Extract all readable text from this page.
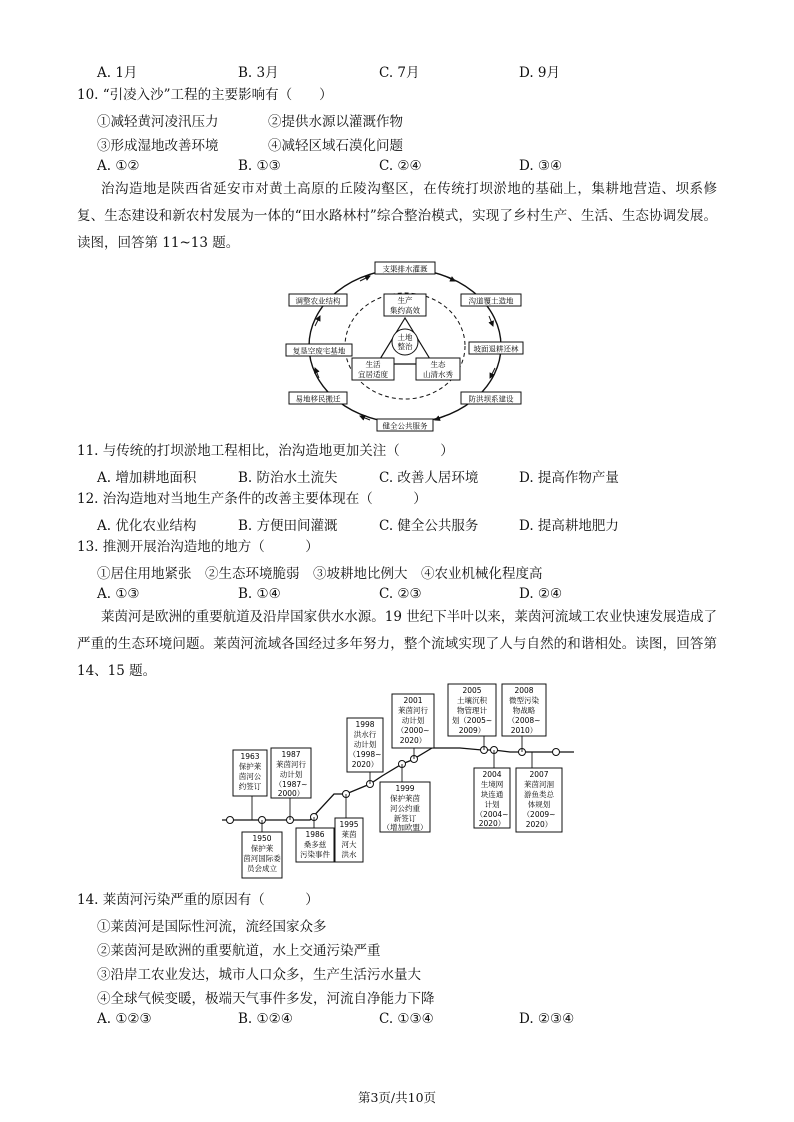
A. 1月	B. 3月	C. 7月	D. 9月
10. “引凌入沙”工程的主要影响有（　　）
①减轻黄河凌汛压力	②提供水源以灌溉作物
③形成湿地改善环境	④减轻区域石漠化问题
A. ①②	B. ①③	C. ②④	D. ③④
治沟造地是陕西省延安市对黄土高原的丘陵沟壑区，在传统打坝淤地的基础上，集耕地营造、坝系修复、生态建设和新农村发展为一体的“田水路林村”综合整治模式，实现了乡村生产、生活、生态协调发展。读图，回答第 11~13 题。
土地
整治
生产
集约高效
生活
宜居适度
生态
山清水秀
支渠排水灌溉
沟道覆土造地
坡面退耕还林
防洪坝系建设
健全公共服务
易地移民搬迁
复垦空废宅基地
调整农业结构
11. 与传统的打坝淤地工程相比，治沟造地更加关注（　　　）
A. 增加耕地面积	B. 防治水土流失	C. 改善人居环境	D. 提高作物产量
12. 治沟造地对当地生产条件的改善主要体现在（　　　）
A. 优化农业结构	B. 方便田间灌溉	C. 健全公共服务	D. 提高耕地肥力
13. 推测开展治沟造地的地方（　　　）
①居住用地紧张　②生态环境脆弱　③坡耕地比例大　④农业机械化程度高
A. ①③	B. ①④	C. ②③	D. ②④
莱茵河是欧洲的重要航道及沿岸国家供水水源。19 世纪下半叶以来，莱茵河流域工农业快速发展造成了严重的生态环境问题。莱茵河流域各国经过多年努力，整个流域实现了人与自然的和谐相处。读图，回答第 14、15 题。
1950
保护莱
茵河国际委
员会成立
1963
保护莱
茵河公
约签订
1986
桑多兹
污染事件
1987
莱茵河行
动计划
（1987~
2000）
1995
莱茵
河大
洪水
1998
洪水行
动计划
（1998~
2020）
1999
保护莱茵
河公约重
新签订
（增加欧盟）
2001
莱茵河行
动计划
（2000~
2020）
2004
生境网
块连通
计划
（2004~
2020）
2005
土壤沉积
物管理计
划（2005~
2009）
2007
莱茵河洄
游鱼类总
体规划
（2009~
2020）
2008
微型污染
物战略
（2008~
2010）
14. 莱茵河污染严重的原因有（　　　）
①莱茵河是国际性河流，流经国家众多
②莱茵河是欧洲的重要航道，水上交通污染严重
③沿岸工农业发达，城市人口众多，生产生活污水量大
④全球气候变暖，极端天气事件多发，河流自净能力下降
A. ①②③	B. ①②④	C. ①③④	D. ②③④
第3页/共10页
